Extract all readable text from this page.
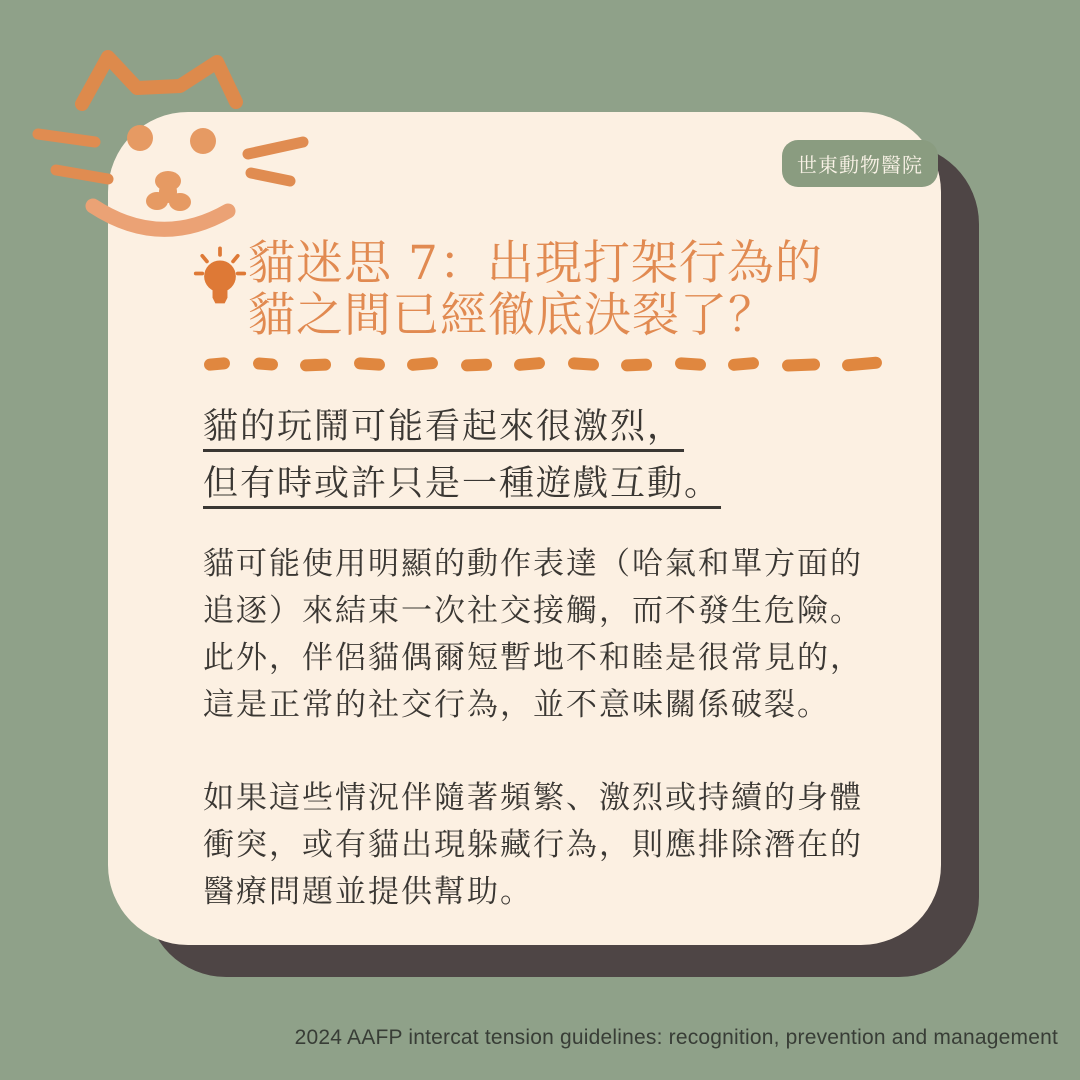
世東動物醫院
貓迷思 7：出現打架行為的
貓之間已經徹底決裂了？
貓的玩鬧可能看起來很激烈，
但有時或許只是一種遊戲互動。

貓可能使用明顯的動作表達（哈氣和單方面的
追逐）來結束一次社交接觸，而不發生危險。
此外，伴侶貓偶爾短暫地不和睦是很常見的，
這是正常的社交行為，並不意味關係破裂。

如果這些情況伴隨著頻繁、激烈或持續的身體
衝突，或有貓出現躲藏行為，則應排除潛在的
醫療問題並提供幫助。

2024 AAFP intercat tension guidelines: recognition, prevention and management
